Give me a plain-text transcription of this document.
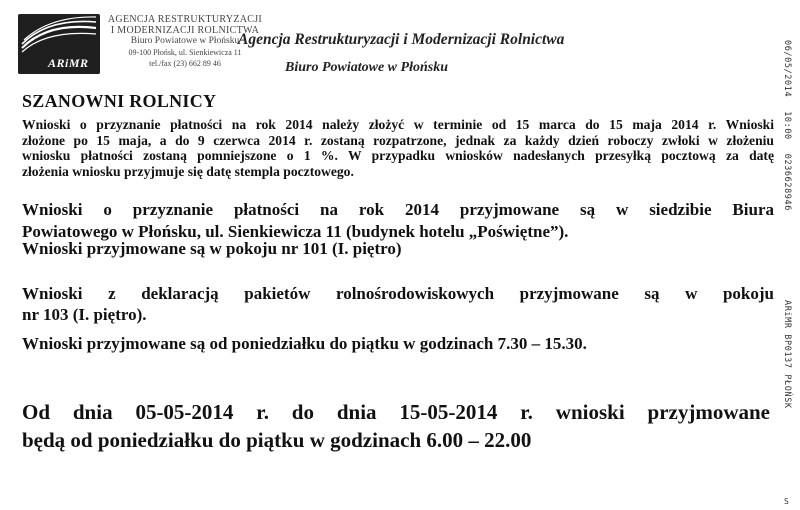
ARiMR
AGENCJA RESTRUKTURYZACJI
I MODERNIZACJI ROLNICTWA
Biuro Powiatowe w Płońsku
09-100 Płońsk, ul. Sienkiewicza 11
tel./fax (23) 662 89 46
Agencja Restrukturyzacji i Modernizacji Rolnictwa
Biuro Powiatowe w Płońsku
SZANOWNI ROLNICY
Wnioski o przyznanie płatności na rok 2014 należy złożyć w terminie od 15 marca do 15 maja 2014 r. Wnioski
złożone po 15 maja, a do 9 czerwca 2014 r. zostaną rozpatrzone, jednak za każdy dzień roboczy zwłoki w złożeniu
wniosku płatności zostaną pomniejszone o 1 %. W przypadku wniosków nadesłanych przesyłką pocztową za datę
złożenia wniosku przyjmuje się datę stempla pocztowego.
Wnioski o przyznanie płatności na rok 2014 przyjmowane są w siedzibie Biura
Powiatowego w Płońsku, ul. Sienkiewicza 11 (budynek hotelu „Poświętne”).
Wnioski przyjmowane są w pokoju nr 101 (I. piętro)
Wnioski z deklaracją pakietów rolnośrodowiskowych przyjmowane są w pokoju
nr 103 (I. piętro).
Wnioski przyjmowane są od poniedziałku do piątku w godzinach 7.30 – 15.30.
Od dnia 05-05-2014 r. do dnia 15-05-2014 r. wnioski przyjmowane
będą od poniedziałku do piątku w godzinach 6.00 – 22.00
06/05/201410:000236628946
ARiMR BP0137 PŁOŃSK
S
